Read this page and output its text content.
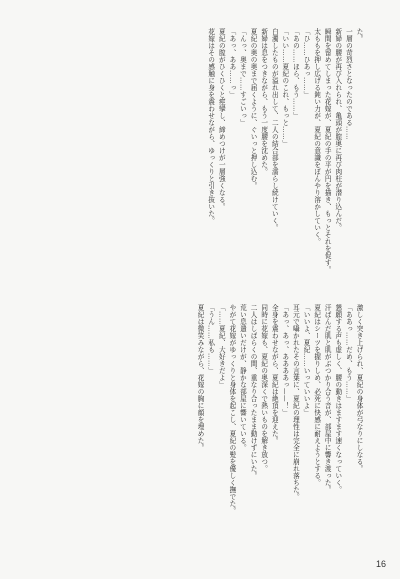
た。
一層の苛烈さとなったのである……
新婦の腰が再び入れられ、亀頭が膣奥に再び肉柱が潜り込んだ。
瞬間を留めてしまった花嫁が、夏紀の手の平が円を描き、もっとそれを促す。
太ももを押し広げる鈍い力が、夏紀の意識をぼんやり溶かしていく。
「ひ……ひあっ……」
「あの……ほら、もう……」
「いい……夏紀のこれ、もっと……」
白濁したものが溢れ出して、二人の結合部を濡らし続けていく。
新婦は息をつきながら、もう一度腰を沈めた。
夏紀の奥の奥まで届くように、ぐいっと押し込む。
「んっ、奥まで……すごいっ」
「あっ、ああ……っ」
夏紀の膣がひくひくと痙攣し、締めつけが一層強くなる。
花嫁はその感触に身を震わせながら、ゆっくりと引き抜いた。
激しく突き上げられ、夏紀の身体が弓なりにしなる。
「ああっ……だめ、もう……」
懇願する声も虚しく、腰の動きはますます速くなっていく。
汗ばんだ肌と肌がぶつかり合う音が、部屋中に響き渡った。
夏紀はシーツを握りしめ、必死に快感に耐えようとする。
「いいよ、夏紀……いっていいよ」
耳元で囁かれたその言葉に、夏紀の理性は完全に崩れ落ちた。
「あっ、あっ、ああああっ——！」
全身を震わせながら、夏紀は絶頂を迎えた。
同時に花嫁も、夏紀の奥深くで熱いものを解き放つ。
二人はしばらくの間、重なり合ったまま動けずにいた。
荒い息遣いだけが、静かな部屋に響いている。
やがて花嫁がゆっくりと身体を起こし、夏紀の髪を優しく撫でた。
「……夏紀、大好きだよ」
「うん……私も……」
夏紀は微笑みながら、花嫁の胸に顔を埋めた。
16
